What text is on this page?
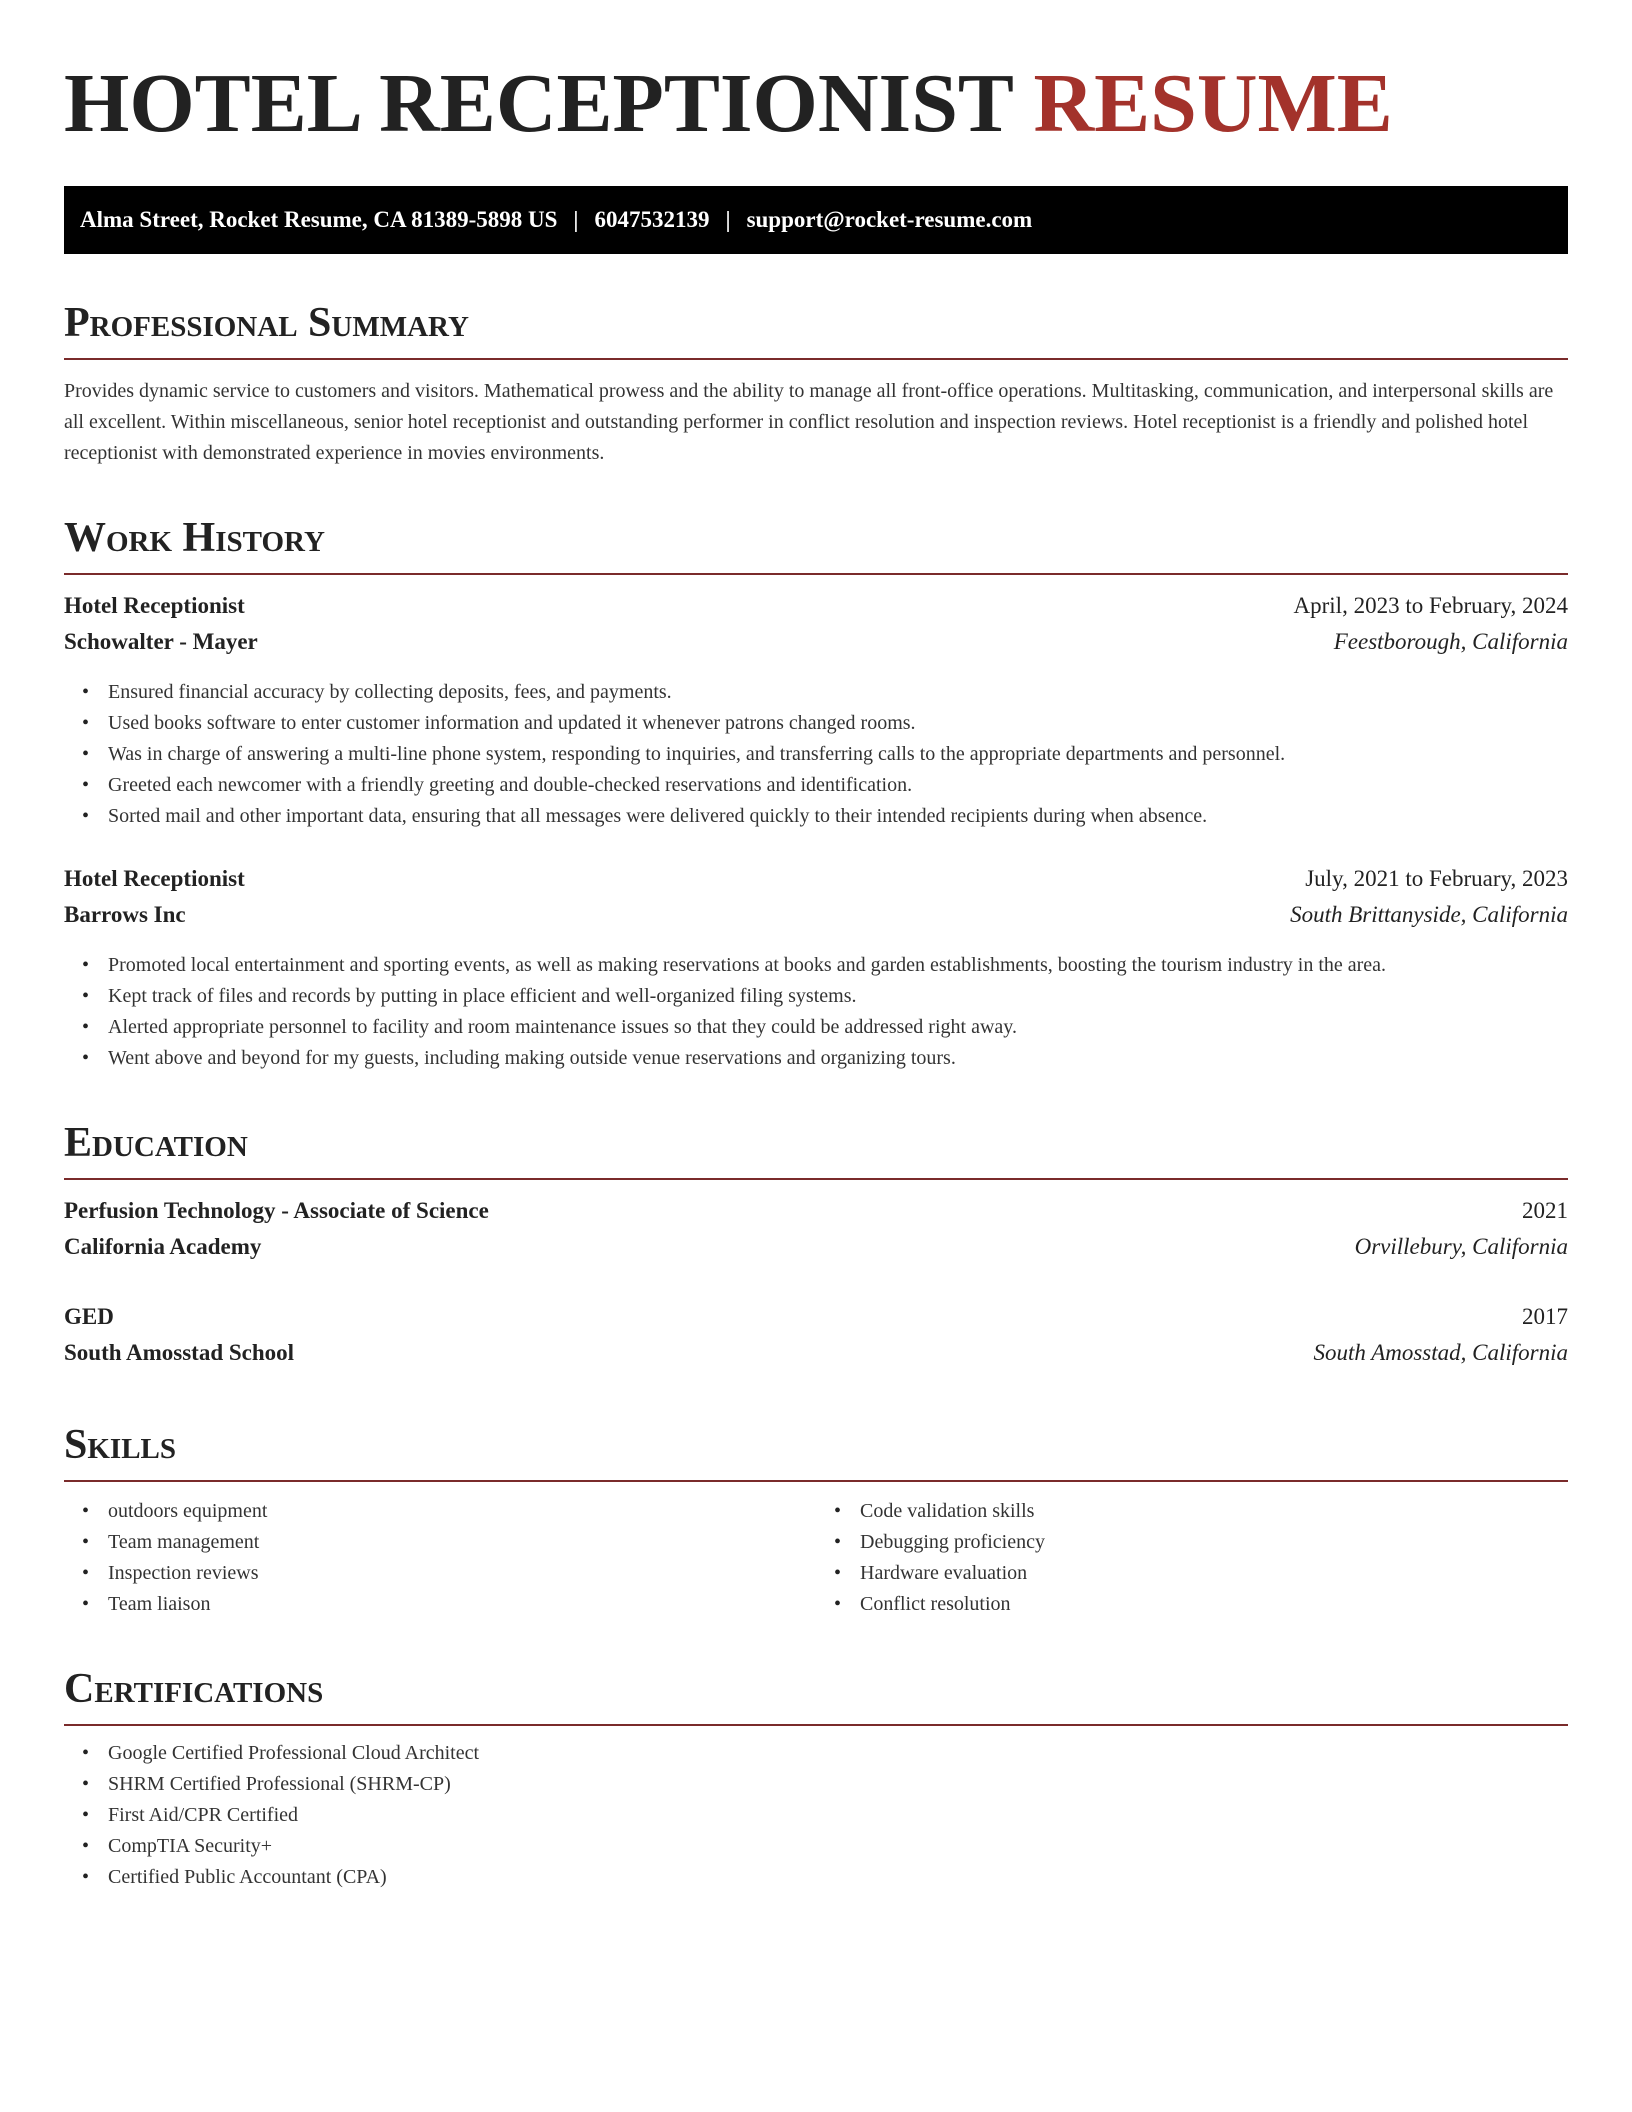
HOTEL RECEPTIONIST RESUME
Alma Street, Rocket Resume, CA 81389-5898 US | 6047532139 | support@rocket-resume.com
Professional Summary

Provides dynamic service to customers and visitors. Mathematical prowess and the ability to manage all front-office operations. Multitasking, communication, and interpersonal skills are all excellent. Within miscellaneous, senior hotel receptionist and outstanding performer in conflict resolution and inspection reviews. Hotel receptionist is a friendly and polished hotel receptionist with demonstrated experience in movies environments.

Work History
Hotel Receptionist	April, 2023 to February, 2024
Schowalter - Mayer	Feestborough, California
• Ensured financial accuracy by collecting deposits, fees, and payments.
• Used books software to enter customer information and updated it whenever patrons changed rooms.
• Was in charge of answering a multi-line phone system, responding to inquiries, and transferring calls to the appropriate departments and personnel.
• Greeted each newcomer with a friendly greeting and double-checked reservations and identification.
• Sorted mail and other important data, ensuring that all messages were delivered quickly to their intended recipients during when absence.
Hotel Receptionist	July, 2021 to February, 2023
Barrows Inc	South Brittanyside, California
• Promoted local entertainment and sporting events, as well as making reservations at books and garden establishments, boosting the tourism industry in the area.
• Kept track of files and records by putting in place efficient and well-organized filing systems.
• Alerted appropriate personnel to facility and room maintenance issues so that they could be addressed right away.
• Went above and beyond for my guests, including making outside venue reservations and organizing tours.
Education
Perfusion Technology - Associate of Science	2021
California Academy	Orvillebury, California
GED	2017
South Amosstad School	South Amosstad, California
Skills
• outdoors equipment
• Team management
• Inspection reviews
• Team liaison
• Code validation skills
• Debugging proficiency
• Hardware evaluation
• Conflict resolution
Certifications
• Google Certified Professional Cloud Architect
• SHRM Certified Professional (SHRM-CP)
• First Aid/CPR Certified
• CompTIA Security+
• Certified Public Accountant (CPA)
